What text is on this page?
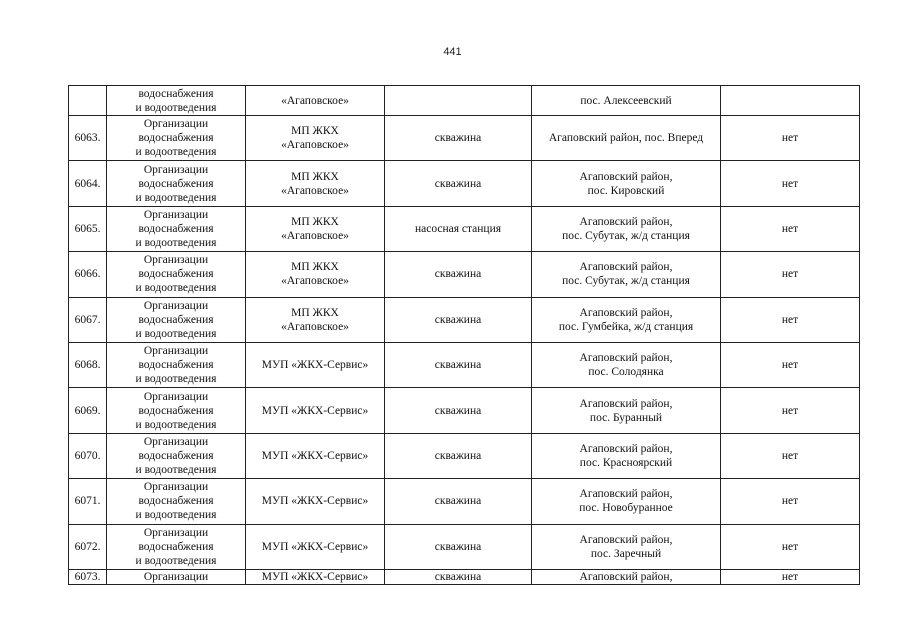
441

	водоснабжения
и водоотведения	«Агаповское»		пос. Алексеевский	

6063.	Организации
водоснабжения
и водоотведения	МП ЖКХ
«Агаповское»	скважина	Агаповский район, пос. Вперед	нет
6064.	Организации
водоснабжения
и водоотведения	МП ЖКХ
«Агаповское»	скважина	Агаповский район,
пос. Кировский	нет
6065.	Организации
водоснабжения
и водоотведения	МП ЖКХ
«Агаповское»	насосная станция	Агаповский район,
пос. Субутак, ж/д станция	нет
6066.	Организации
водоснабжения
и водоотведения	МП ЖКХ
«Агаповское»	скважина	Агаповский район,
пос. Субутак, ж/д станция	нет
6067.	Организации
водоснабжения
и водоотведения	МП ЖКХ
«Агаповское»	скважина	Агаповский район,
пос. Гумбейка, ж/д станция	нет
6068.	Организации
водоснабжения
и водоотведения	МУП «ЖКХ-Сервис»	скважина	Агаповский район,
пос. Солодянка	нет
6069.	Организации
водоснабжения
и водоотведения	МУП «ЖКХ-Сервис»	скважина	Агаповский район,
пос. Буранный	нет
6070.	Организации
водоснабжения
и водоотведения	МУП «ЖКХ-Сервис»	скважина	Агаповский район,
пос. Красноярский	нет
6071.	Организации
водоснабжения
и водоотведения	МУП «ЖКХ-Сервис»	скважина	Агаповский район,
пос. Новобуранное	нет
6072.	Организации
водоснабжения
и водоотведения	МУП «ЖКХ-Сервис»	скважина	Агаповский район,
пос. Заречный	нет
6073.	Организации	МУП «ЖКХ-Сервис»	скважина	Агаповский район,	нет
